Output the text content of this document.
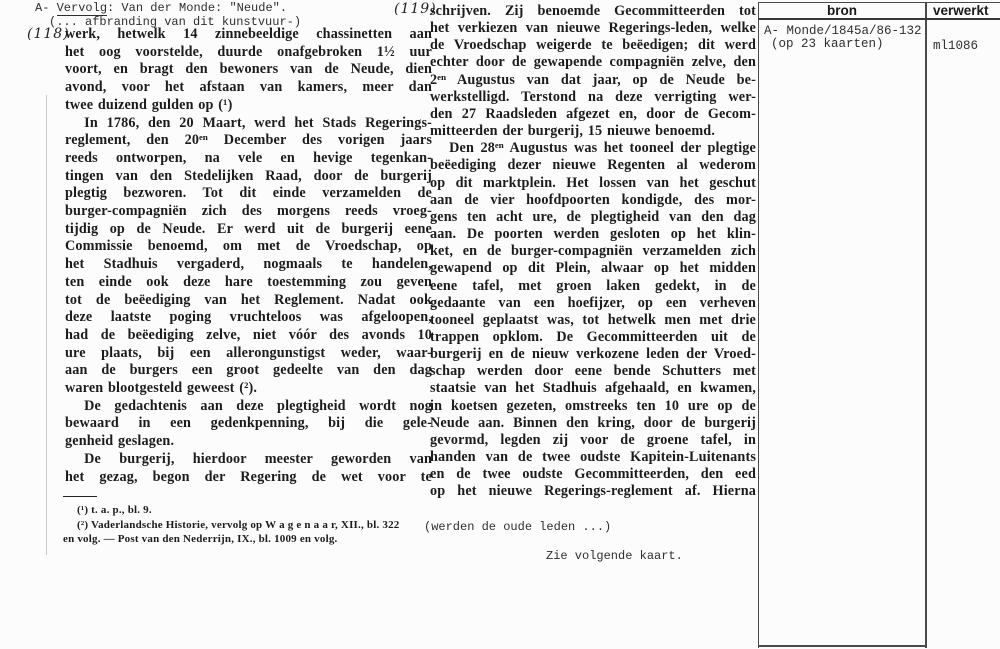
A- Vervolg: Van der Monde: "Neude".
(... afbranding van dit kunstvuur-)
(118)
(119)
werk, hetwelk 14 zinnebeeldige chassinetten aan
het oog voorstelde, duurde onafgebroken 1½ uur
voort, en bragt den bewoners van de Neude, dien
avond, voor het afstaan van kamers, meer dan
twee duizend gulden op (¹)
In 1786, den 20 Maart, werd het Stads Regerings-
reglement, den 20ᵉⁿ December des vorigen jaars
reeds ontworpen, na vele en hevige tegenkan-
tingen van den Stedelijken Raad, door de burgerij
plegtig bezworen. Tot dit einde verzamelden de
burger-compagniën zich des morgens reeds vroeg-
tijdig op de Neude. Er werd uit de burgerij eene
Commissie benoemd, om met de Vroedschap, op
het Stadhuis vergaderd, nogmaals te handelen,
ten einde ook deze hare toestemming zou geven
tot de beëediging van het Reglement. Nadat ook
deze laatste poging vruchteloos was afgeloopen,
had de beëediging zelve, niet vóór des avonds 10
ure plaats, bij een allerongunstigst weder, waar-
aan de burgers een groot gedeelte van den dag
waren blootgesteld geweest (²).
De gedachtenis aan deze plegtigheid wordt nog
bewaard in een gedenkpenning, bij die gele-
genheid geslagen.
De burgerij, hierdoor meester geworden van
het gezag, begon der Regering de wet voor te
(¹) t. a. p., bl. 9.
(²) Vaderlandsche Historie, vervolg op W a g e n a a r, XII., bl. 322
en volg. — Post van den Nederrijn, IX., bl. 1009 en volg.
schrijven. Zij benoemde Gecommitteerden tot
het verkiezen van nieuwe Regerings-leden, welke
de Vroedschap weigerde te beëedigen; dit werd
echter door de gewapende compagniën zelve, den
2ᵉⁿ Augustus van dat jaar, op de Neude be-
werkstelligd. Terstond na deze verrigting wer-
den 27 Raadsleden afgezet en, door de Gecom-
mitteerden der burgerij, 15 nieuwe benoemd.
Den 28ᵉⁿ Augustus was het tooneel der plegtige
beëediging dezer nieuwe Regenten al wederom
op dit marktplein. Het lossen van het geschut
aan de vier hoofdpoorten kondigde, des mor-
gens ten acht ure, de plegtigheid van den dag
aan. De poorten werden gesloten op het klin-
ket, en de burger-compagniën verzamelden zich
gewapend op dit Plein, alwaar op het midden
eene tafel, met groen laken gedekt, in de
gedaante van een hoefijzer, op een verheven
tooneel geplaatst was, tot hetwelk men met drie
trappen opklom. De Gecommitteerden uit de
burgerij en de nieuw verkozene leden der Vroed-
schap werden door eene bende Schutters met
staatsie van het Stadhuis afgehaald, en kwamen,
in koetsen gezeten, omstreeks ten 10 ure op de
Neude aan. Binnen den kring, door de burgerij
gevormd, legden zij voor de groene tafel, in
handen van de twee oudste Kapitein-Luitenants
en de twee oudste Gecommitteerden, den eed
op het nieuwe Regerings-reglement af. Hierna
(werden de oude leden ...)
Zie volgende kaart.
bron	verwerkt
A- Monde/1845a/86-132
(op 23 kaarten)	ml1086
